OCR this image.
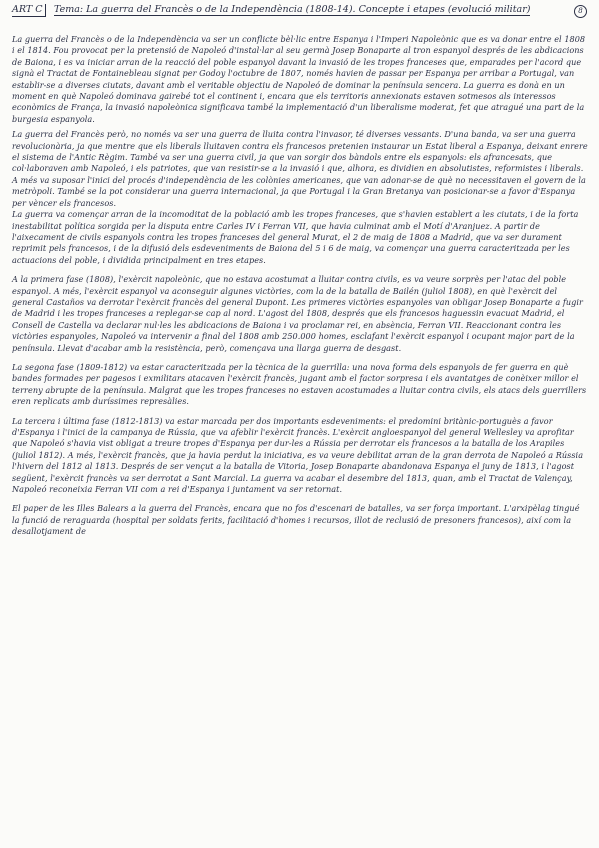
ART C	Tema: La guerra del Francès o de la Independència (1808-14). Concepte i etapes (evolució militar)	8

La guerra del Francès o de la Independència va ser un conflicte bèl·lic entre Espanya i l'Imperi Napoleònic que es va donar entre el 1808 i el 1814. Fou provocat per la pretensió de Napoleó d'instal·lar al seu germà Josep Bonaparte al tron espanyol després de les abdicacions de Baiona, i es va iniciar arran de la reacció del poble espanyol davant la invasió de les tropes franceses que, emparades per l'acord que signà el Tractat de Fontainebleau signat per Godoy l'octubre de 1807, només havien de passar per Espanya per arribar a Portugal, van establir-se a diverses ciutats, davant amb el veritable objectiu de Napoleó de dominar la península sencera. La guerra es donà en un moment en què Napoleó dominava gairebé tot el continent i, encara que els territoris annexionats estaven sotmesos als interessos econòmics de França, la invasió napoleònica significava també la implementació d'un liberalisme moderat, fet que atragué una part de la burgesia espanyola.

La guerra del Francès però, no només va ser una guerra de lluita contra l'invasor, té diverses vessants. D'una banda, va ser una guerra revolucionària, ja que mentre que els liberals lluitaven contra els francesos pretenien instaurar un Estat liberal a Espanya, deixant enrere el sistema de l'Antic Règim. També va ser una guerra civil, ja que van sorgir dos bàndols entre els espanyols: els afrancesats, que col·laboraven amb Napoleó, i els patriotes, que van resistir-se a la invasió i que, alhora, es dividien en absolutistes, reformistes i liberals. A més va suposar l'inici del procés d'independència de les colònies americanes, que van adonar-se de què no necessitaven el govern de la metròpoli. També se la pot considerar una guerra internacional, ja que Portugal i la Gran Bretanya van posicionar-se a favor d'Espanya per vèncer els francesos.

La guerra va començar arran de la incomoditat de la població amb les tropes franceses, que s'havien establert a les ciutats, i de la forta inestabilitat política sorgida per la disputa entre Carles IV i Ferran VII, que havia culminat amb el Motí d'Aranjuez. A partir de l'aixecament de civils espanyols contra les tropes franceses del general Murat, el 2 de maig de 1808 a Madrid, que va ser durament reprimit pels francesos, i de la difusió dels esdeveniments de Baiona del 5 i 6 de maig, va començar una guerra caracteritzada per les actuacions del poble, i dividida principalment en tres etapes.

A la primera fase (1808), l'exèrcit napoleònic, que no estava acostumat a lluitar contra civils, es va veure sorprès per l'atac del poble espanyol. A més, l'exèrcit espanyol va aconseguir algunes victòries, com la de la batalla de Bailén (juliol 1808), en què l'exèrcit del general Castaños va derrotar l'exèrcit francès del general Dupont. Les primeres victòries espanyoles van obligar Josep Bonaparte a fugir de Madrid i les tropes franceses a replegar-se cap al nord. L'agost del 1808, després que els francesos haguessin evacuat Madrid, el Consell de Castella va declarar nul·les les abdicacions de Baiona i va proclamar rei, en absència, Ferran VII. Reaccionant contra les victòries espanyoles, Napoleó va intervenir a final del 1808 amb 250.000 homes, esclafant l'exèrcit espanyol i ocupant major part de la península. Llevat d'acabar amb la resistència, però, començava una llarga guerra de desgast.

La segona fase (1809-1812) va estar caracteritzada per la tècnica de la guerrilla: una nova forma dels espanyols de fer guerra en què bandes formades per pagesos i exmilitars atacaven l'exèrcit francès, jugant amb el factor sorpresa i els avantatges de conèixer millor el terreny abrupte de la península. Malgrat que les tropes franceses no estaven acostumades a lluitar contra civils, els atacs dels guerrillers eren replicats amb duríssimes represàlies.

La tercera i última fase (1812-1813) va estar marcada per dos importants esdeveniments: el predomini britànic-portuguès a favor d'Espanya i l'inici de la campanya de Rússia, que va afeblir l'exèrcit francès. L'exèrcit angloespanyol del general Wellesley va aprofitar que Napoleó s'havia vist obligat a treure tropes d'Espanya per dur-les a Rússia per derrotar els francesos a la batalla de los Arapiles (juliol 1812). A més, l'exèrcit francès, que ja havia perdut la iniciativa, es va veure debilitat arran de la gran derrota de Napoleó a Rússia l'hivern del 1812 al 1813. Després de ser vençut a la batalla de Vitoria, Josep Bonaparte abandonava Espanya el juny de 1813, i l'agost següent, l'exèrcit francès va ser derrotat a Sant Marcial. La guerra va acabar el desembre del 1813, quan, amb el Tractat de Valençay, Napoleó reconeixia Ferran VII com a rei d'Espanya i juntament va ser retornat.

El paper de les Illes Balears a la guerra del Francès, encara que no fos d'escenari de batalles, va ser força important. L'arxipèlag tingué la funció de reraguarda (hospital per soldats ferits, facilitació d'homes i recursos, illot de reclusió de presoners francesos), així com la desallotjament de
